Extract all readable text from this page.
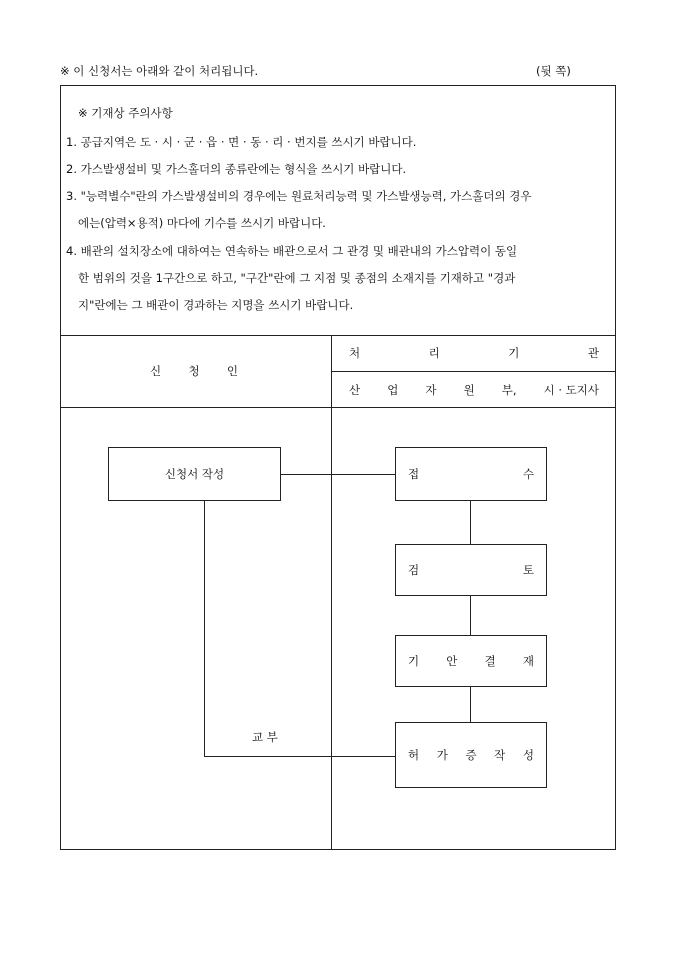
※ 이 신청서는 아래와 같이 처리됩니다.	(뒷 쪽)
※ 기재상 주의사항
1. 공급지역은 도 · 시 · 군 · 읍 · 면 · 동 · 리 · 번지를 쓰시기 바랍니다.
2. 가스발생설비 및 가스홀더의 종류란에는 형식을 쓰시기 바랍니다.
3. "능력별수"란의 가스발생설비의 경우에는 원료처리능력 및 가스발생능력, 가스홀더의 경우
에는(압력×용적) 마다에 기수를 쓰시기 바랍니다.
4. 배관의 설치장소에 대하여는 연속하는 배관으로서 그 관경 및 배관내의 가스압력이 동일
한 범위의 것을 1구간으로 하고, "구간"란에 그 지점 및 종점의 소재지를 기재하고 "경과
지"란에는 그 배관이 경과하는 지명을 쓰시기 바랍니다.
신 청 인
처	리	기	관
산 업 자 원 부, 시 · 도지사
신청서 작성	접	수
검	토
기 안 결 재
허 가 증 작 성
교 부
